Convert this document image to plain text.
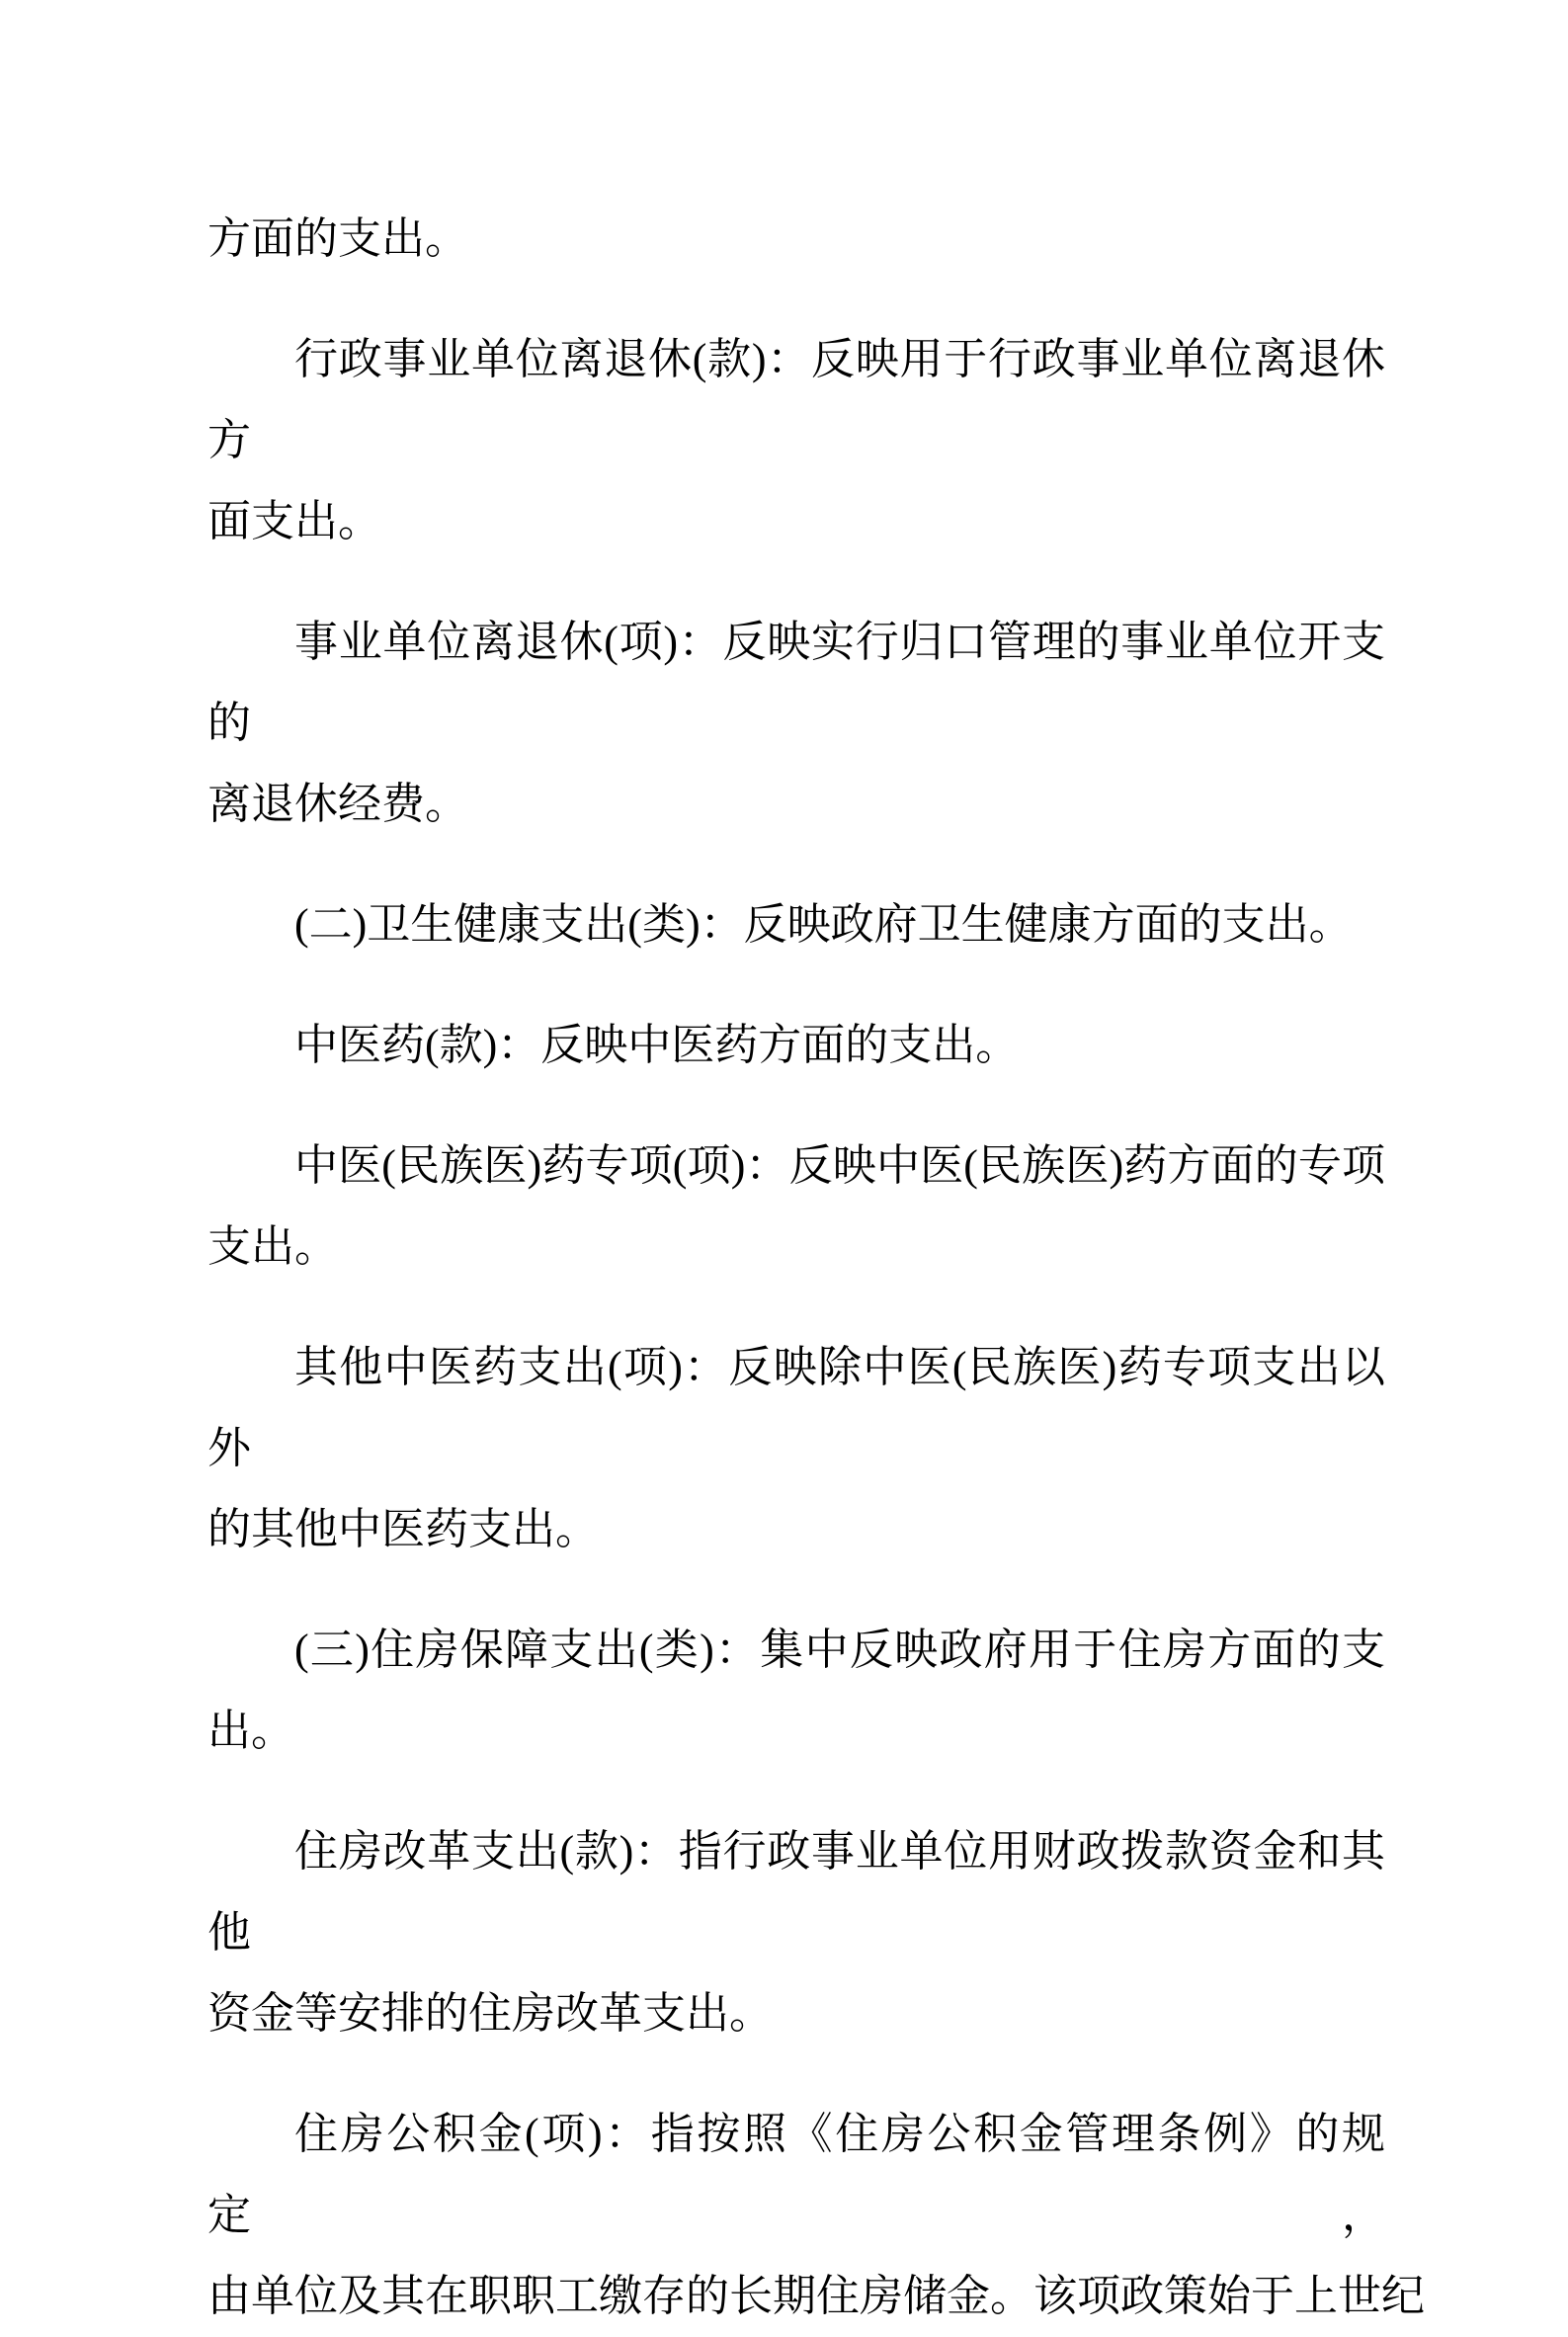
方面的支出。

行政事业单位离退休(款)：反映用于行政事业单位离退休方
面支出。

事业单位离退休(项)：反映实行归口管理的事业单位开支的
离退休经费。

(二)卫生健康支出(类)：反映政府卫生健康方面的支出。

中医药(款)：反映中医药方面的支出。

中医(民族医)药专项(项)：反映中医(民族医)药方面的专项
支出。

其他中医药支出(项)：反映除中医(民族医)药专项支出以外
的其他中医药支出。

(三)住房保障支出(类)：集中反映政府用于住房方面的支
出。

住房改革支出(款)：指行政事业单位用财政拨款资金和其他
资金等安排的住房改革支出。

住房公积金(项)：指按照《住房公积金管理条例》的规定，
由单位及其在职职工缴存的长期住房储金。该项政策始于上世纪
